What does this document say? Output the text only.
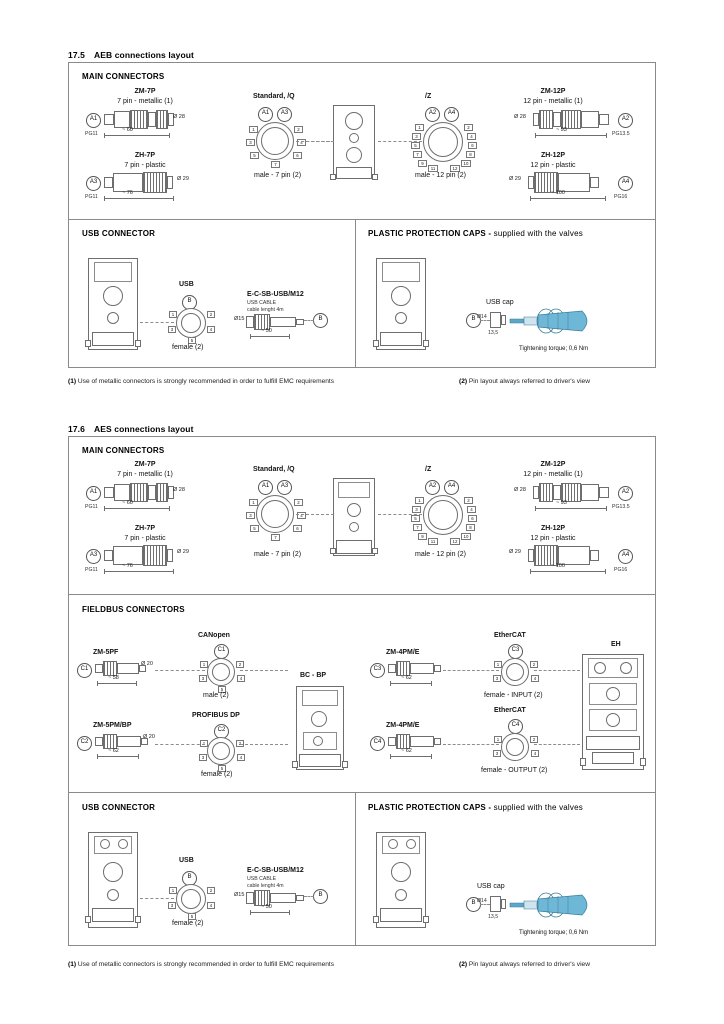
17.5 AEB connections layout
MAIN CONNECTORS
ZM-7P
7 pin - metallic (1)
A1
~ 60
Ø 28
PG11
ZH-7P
7 pin - plastic
A3
~ 76
Ø 29
PG11
Standard, /Q
A1	A3
1	2
3	4
5	6
7
male - 7 pin (2)
/Z
A2	A4
1	2
3	4
5	6
7	8
9	10
11	12
male - 12 pin (2)
ZM-12P
12 pin - metallic (1)
A2
~ 93
Ø 28
PG13.5
ZH-12P
12 pin - plastic
A4
~ 100
Ø 29
PG16
USB CONNECTOR
USB
B
1	2
3	4
5
female (2)
E-C-SB-USB/M12
USB CABLE
cable lenght 4m
~ 50
Ø15	B
PLASTIC PROTECTION CAPS - supplied with the valves
USB cap
B Ø14
13,5
Tightening torque; 0,6 Nm
(1) Use of metallic connectors is strongly recommended in order to fulfill EMC requirements	(2) Pin layout always referred to driver's view
17.6 AES connections layout
MAIN CONNECTORS
ZM-7P
7 pin - metallic (1)
A1
~ 60
Ø 28
PG11
ZH-7P
7 pin - plastic
A3
~ 76
Ø 29
PG11
Standard, /Q
A1	A3
1	2
3	4
5	6
7
male - 7 pin (2)
/Z
A2	A4
1	2
3	4
5	6
7	8
9	10
11	12
male - 12 pin (2)
ZM-12P
12 pin - metallic (1)
A2
~ 93
Ø 28
PG13.5
ZH-12P
12 pin - plastic
A4
~ 100
Ø 29
PG16
FIELDBUS CONNECTORS
ZM-5PF
C1
~ 58
Ø 20
ZM-5PM/BP
C2
~ 62
Ø 20
CANopen
C1
1	2
3	4
5
male (2)
PROFIBUS DP
C2
1	2
3	4
5
female (2)
BC - BP
ZM-4PM/E
C3
~ 62
ZM-4PM/E
C4
~ 62
EtherCAT
C3
1	2
3	4
female - INPUT (2)
EtherCAT
C4
1	2
3	4
female - OUTPUT (2)
EH
USB CONNECTOR
USB
B
1	2
3	4
5
female (2)
E-C-SB-USB/M12
USB CABLE
cable lenght 4m
~ 50
Ø15	B
PLASTIC PROTECTION CAPS - supplied with the valves
USB cap
B Ø14
13,5
Tightening torque; 0,6 Nm
(1) Use of metallic connectors is strongly recommended in order to fulfill EMC requirements	(2) Pin layout always referred to driver's view
